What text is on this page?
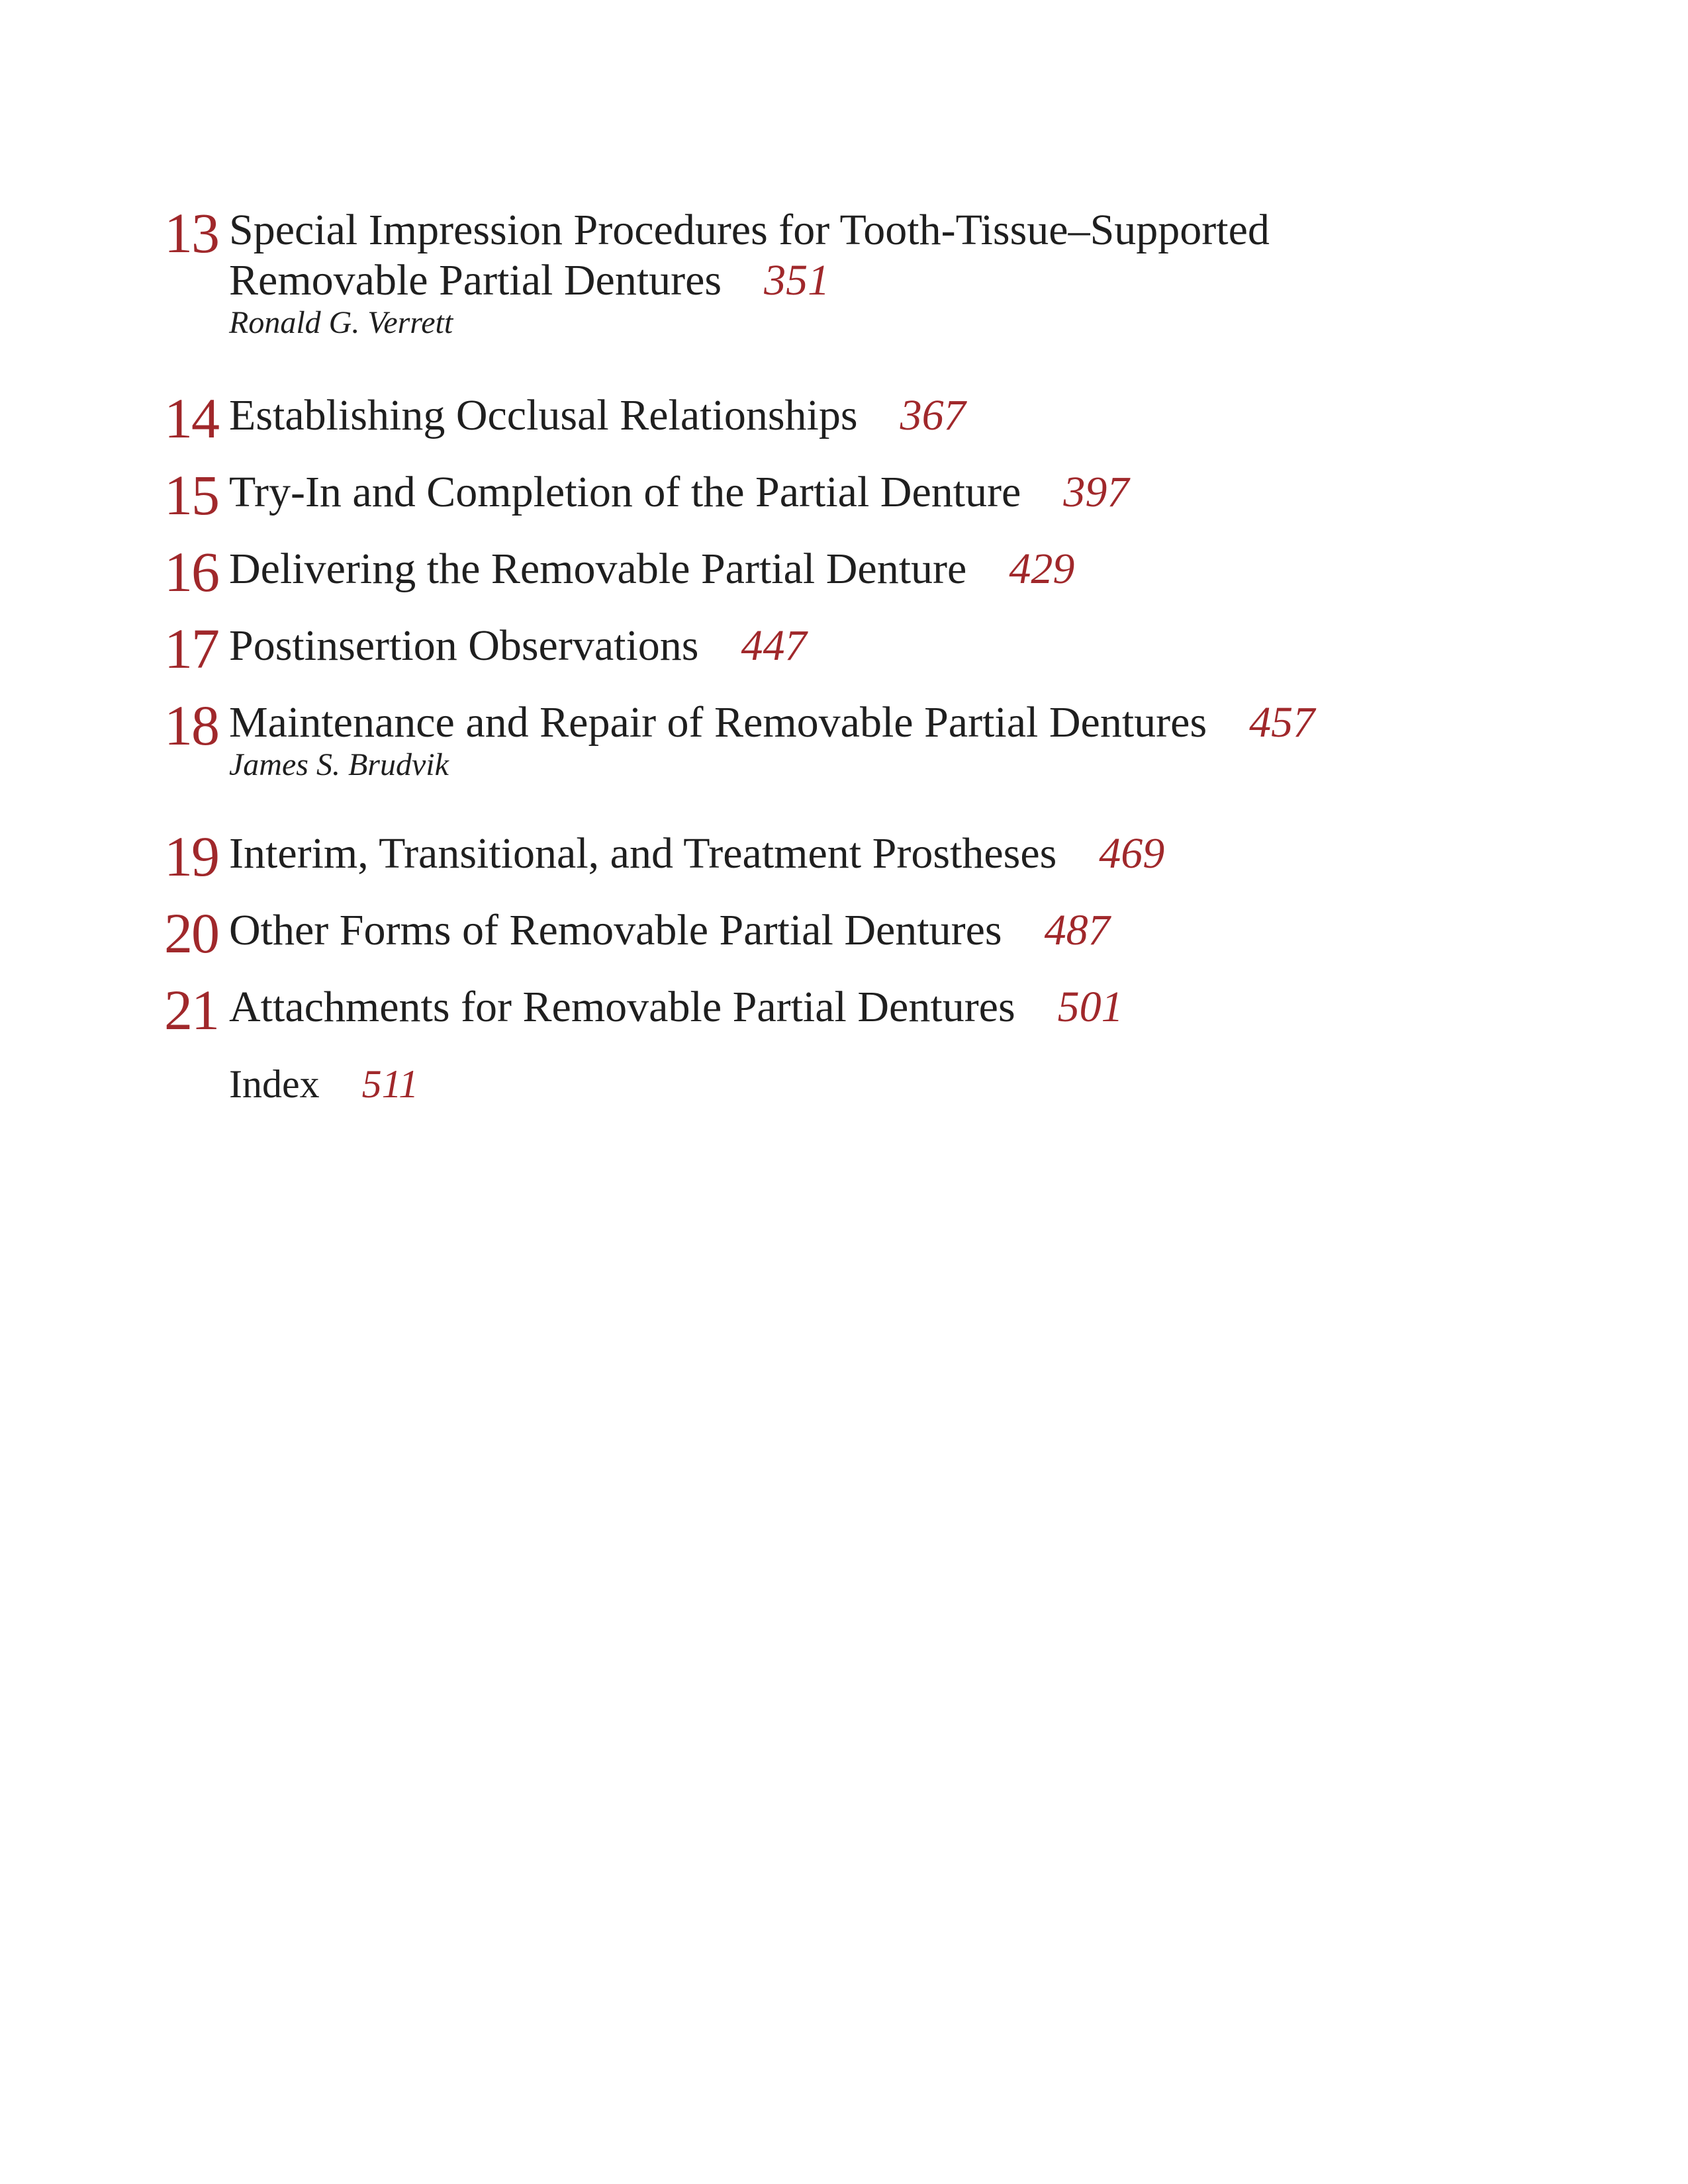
13 Special Impression Procedures for Tooth-Tissue–Supported
Removable Partial Dentures 351
Ronald G. Verrett
14 Establishing Occlusal Relationships 367
15 Try-In and Completion of the Partial Denture 397
16 Delivering the Removable Partial Denture 429
17 Postinsertion Observations 447
18 Maintenance and Repair of Removable Partial Dentures 457
James S. Brudvik
19 Interim, Transitional, and Treatment Prostheses 469
20 Other Forms of Removable Partial Dentures 487
21 Attachments for Removable Partial Dentures 501
Index 511
